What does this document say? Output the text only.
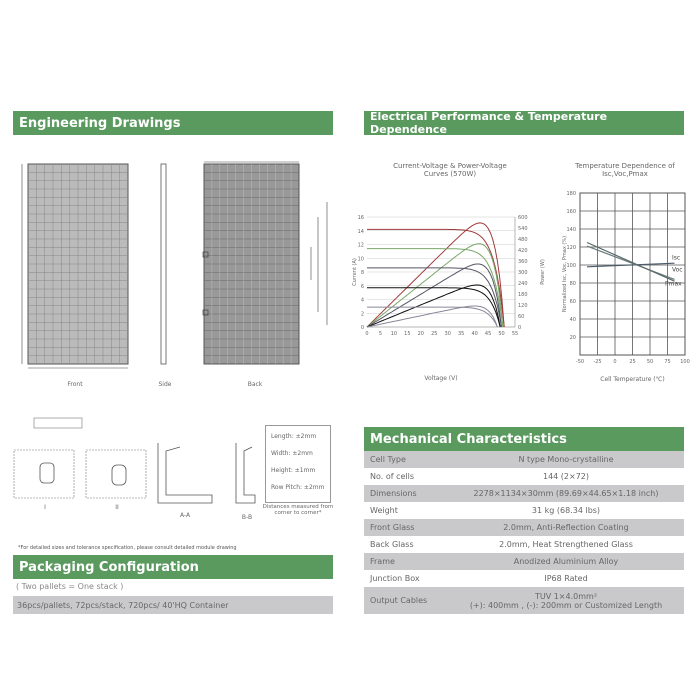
Engineering Drawings	Electrical Performance & Temperature Dependence
Mechanical Characteristics
Packaging Configuration
Front	Side	Back
I	II
A-A	B-B
Length: ±2mm
Width: ±2mm
Height: ±1mm
Row Pitch: ±2mm
Distances measured from corner to corner*
*For detailed sizes and tolerance specification, please consult detailed module drawing
( Two pallets = One stack )
36pcs/pallets, 72pcs/stack, 720pcs/ 40'HQ Container
Current-Voltage & Power-Voltage Curves (570W)
0
2
4
6
8
10
12
14
16
0
60
120
180
240
300
360
420
480
540
600
0 5 10 15 20 25 30 35 40 45 50 55
Current (A)	Power (W)
Voltage (V)
Temperature Dependence of Isc,Voc,Pmax
20
40
60
80
100
120
140
160
180
-50 -25 0	25 50 75 100
Isc
Voc
Pmax
Normalized Isc, Voc, Pmax (%)
Cell Temperature (℃)
Cell Type	N type Mono-crystalline
No. of cells	144 (2×72)
Dimensions	2278×1134×30mm (89.69×44.65×1.18 inch)
Weight	31 kg (68.34 lbs)
Front Glass	2.0mm, Anti-Reflection Coating
Back Glass	2.0mm, Heat Strengthened Glass
Frame	Anodized Aluminium Alloy
Junction Box	IP68 Rated
Output Cables	TUV 1×4.0mm²
(+): 400mm , (-): 200mm or Customized Length
